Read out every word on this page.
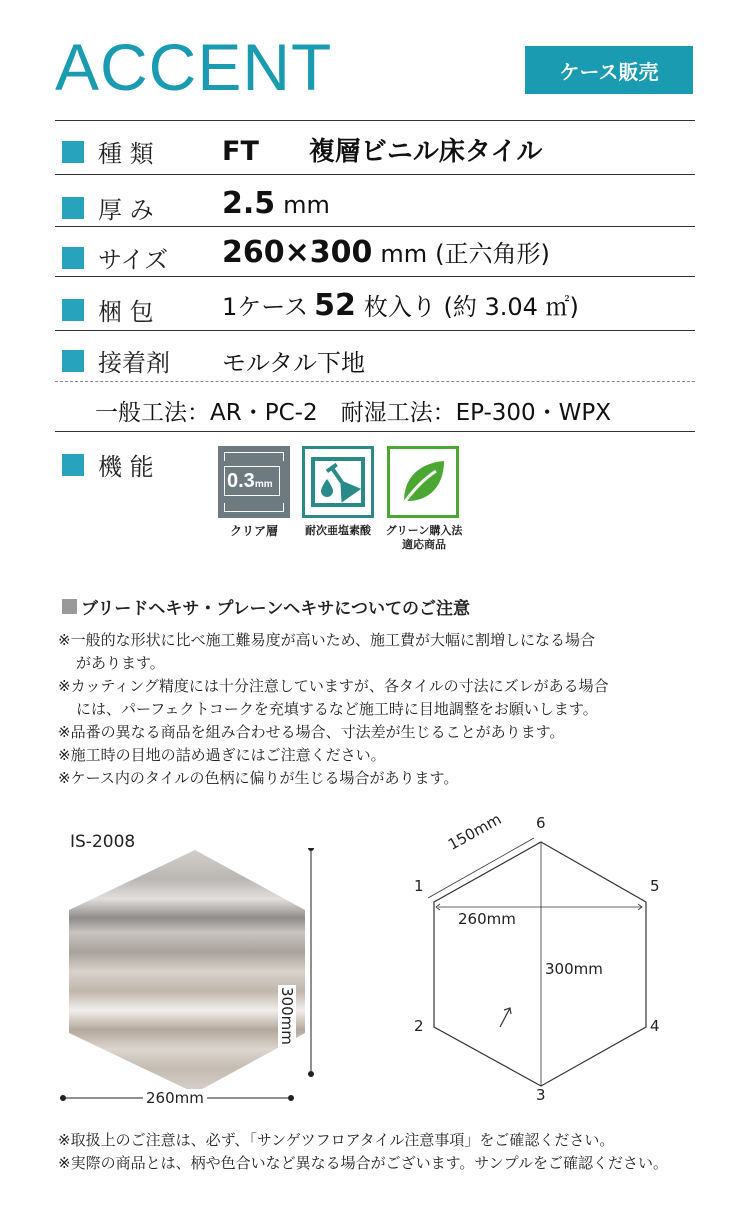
ACCENT	ケース販売
種 類	FT 複層ビニル床タイル
厚 み 2.5 mm
サイズ 260×300 mm (正六角形)
梱 包	1ケース 52 枚入り (約 3.04 ㎡)
接着剤 モルタル下地
一般工法：AR・PC-2　耐湿工法：EP-300・WPX
機 能	0.3mm
クリア層	耐次亜塩素酸	グリーン購入法
適応商品
ブリードヘキサ・プレーンヘキサについてのご注意

※一般的な形状に比べ施工難易度が高いため、施工費が大幅に割増しになる場合

があります。

※カッティング精度には十分注意していますが、各タイルの寸法にズレがある場合

には、パーフェクトコークを充填するなど施工時に目地調整をお願いします。

※品番の異なる商品を組み合わせる場合、寸法差が生じることがあります。

※施工時の目地の詰め過ぎにはご注意ください。

※ケース内のタイルの色柄に偏りが生じる場合があります。

IS-2008
300mm
260mm
150mm
260mm
300mm
1
2
3
4
5
6

※取扱上のご注意は、必ず、「サンゲツフロアタイル注意事項」をご確認ください。

※実際の商品とは、柄や色合いなど異なる場合がございます。サンプルをご確認ください。
